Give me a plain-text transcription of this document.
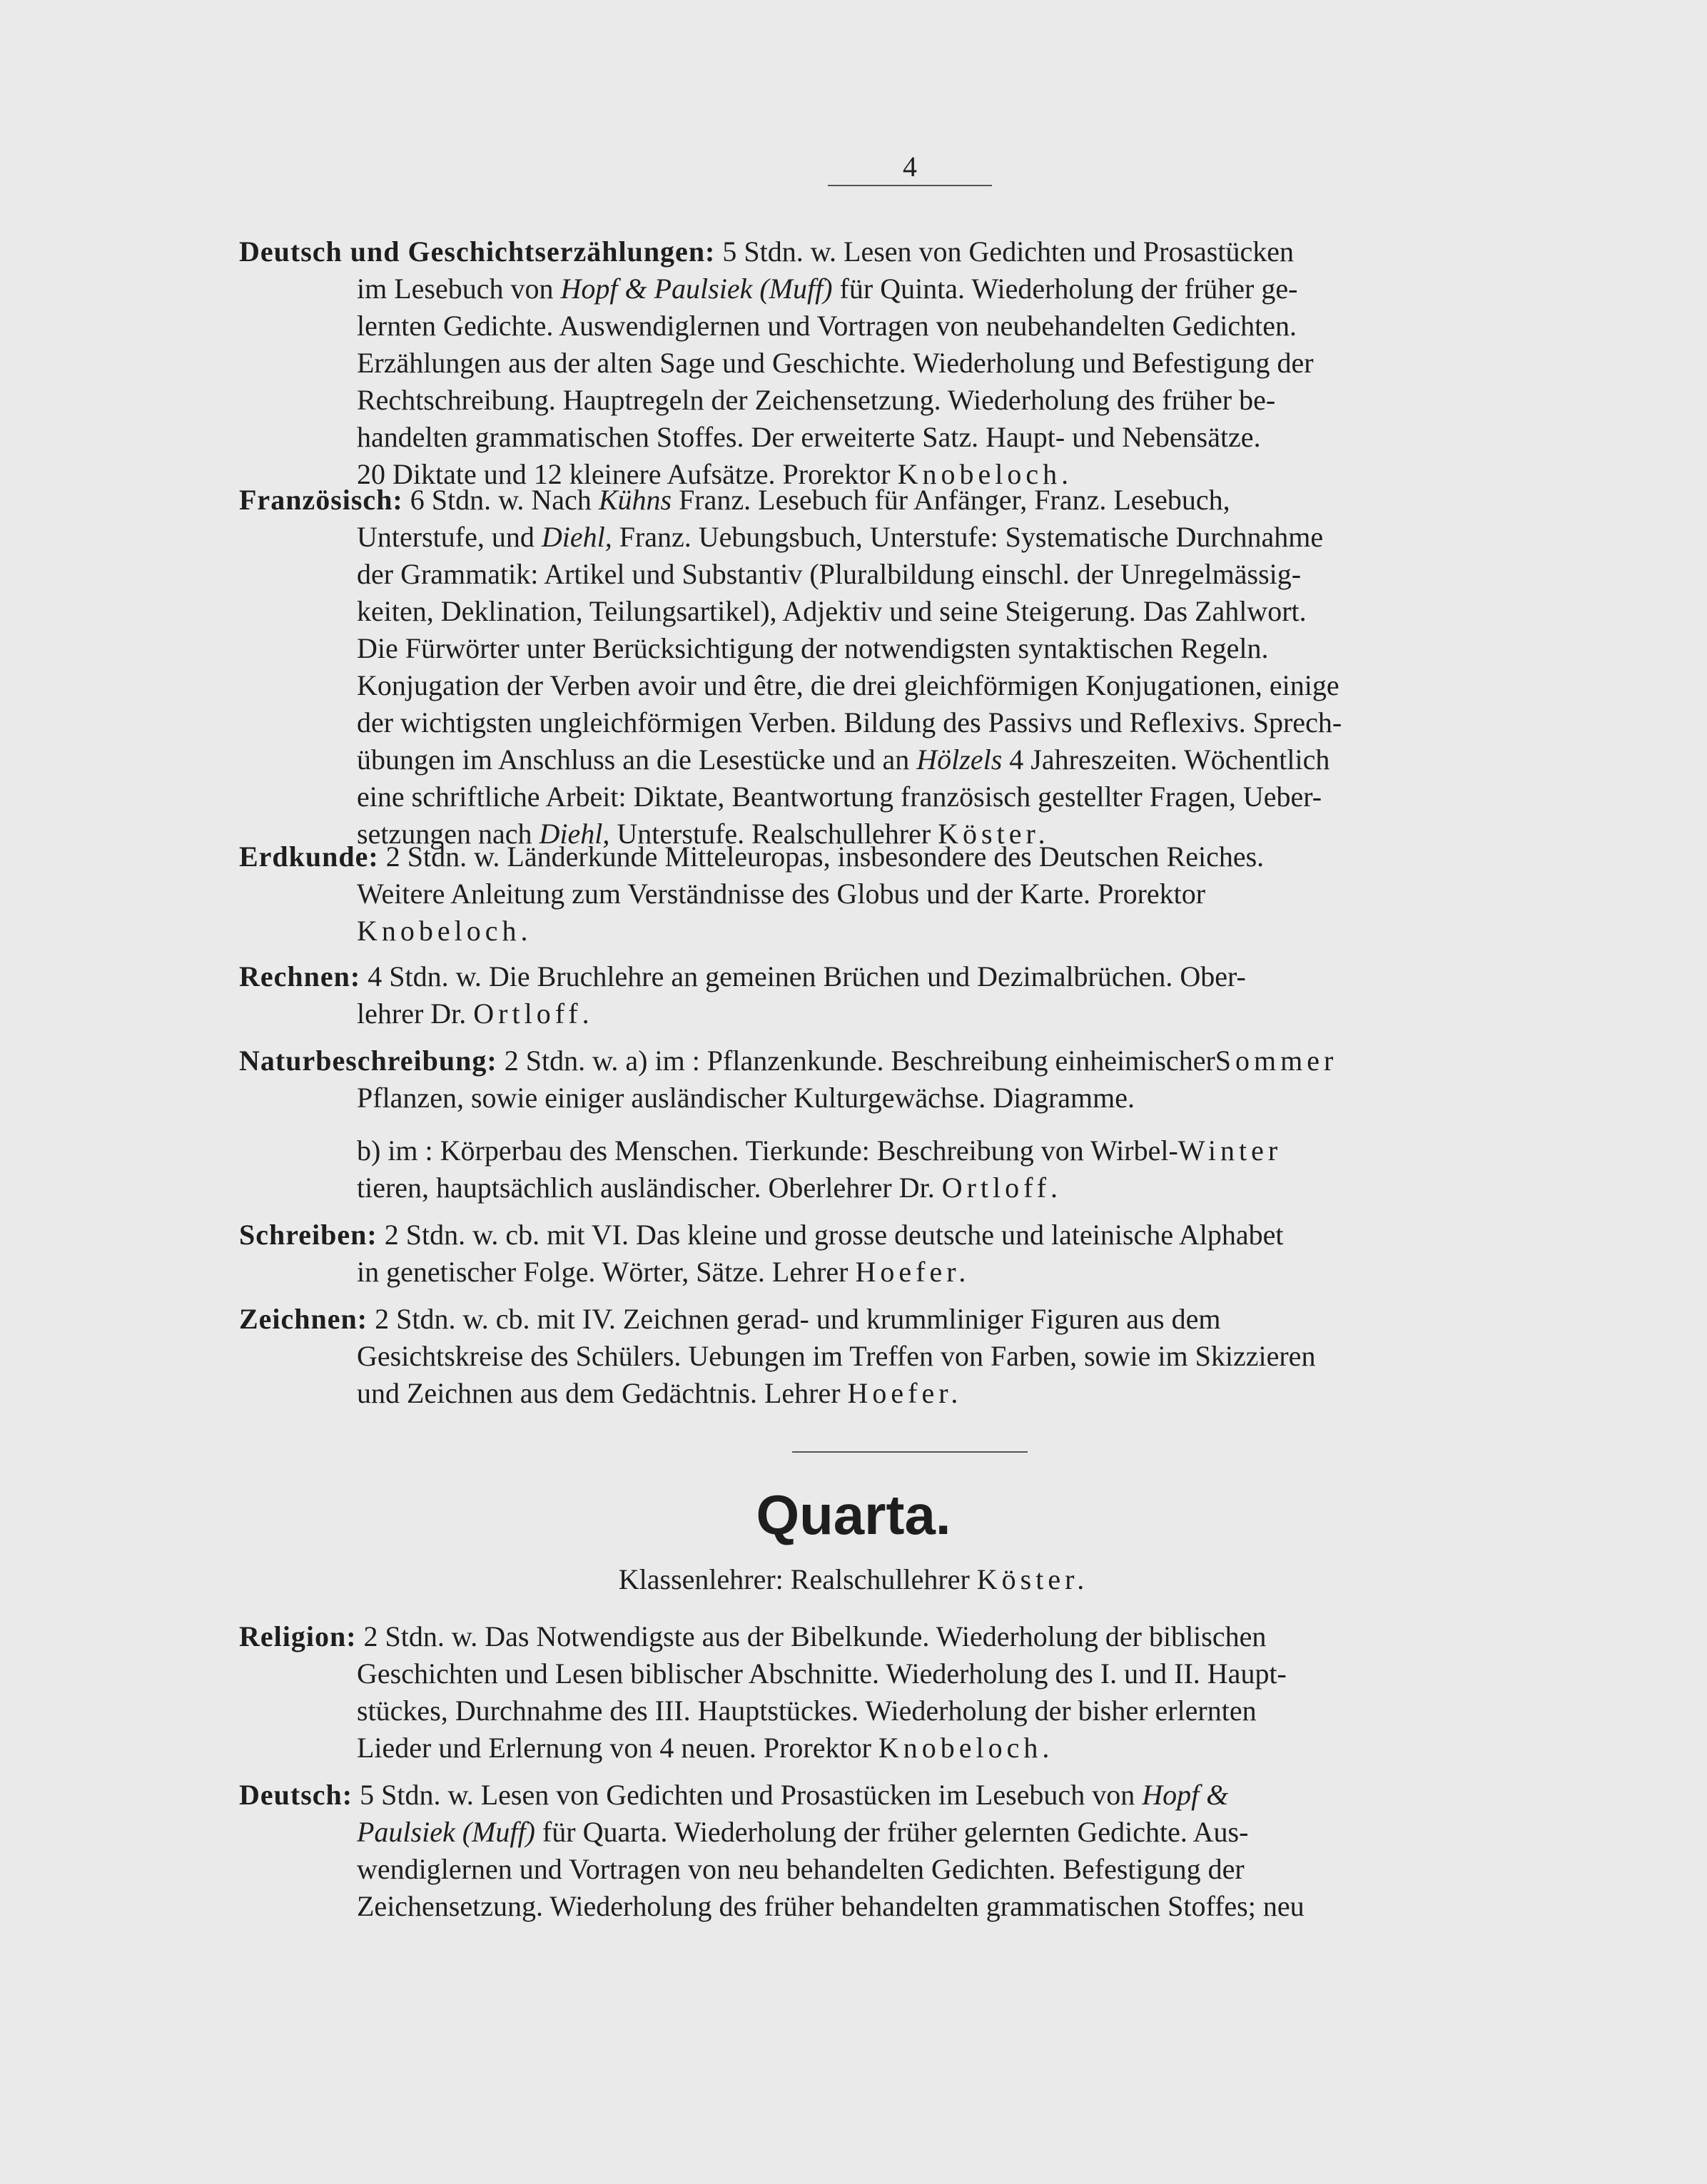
4
Deutsch und Geschichtserzählungen: 5 Stdn. w. Lesen von Gedichten und Prosastücken
im Lesebuch von Hopf & Paulsiek (Muff) für Quinta. Wiederholung der früher ge-
lernten Gedichte. Auswendiglernen und Vortragen von neubehandelten Gedichten.
Erzählungen aus der alten Sage und Geschichte. Wiederholung und Befestigung der
Rechtschreibung. Hauptregeln der Zeichensetzung. Wiederholung des früher be-
handelten grammatischen Stoffes. Der erweiterte Satz. Haupt- und Nebensätze.
20 Diktate und 12 kleinere Aufsätze. Prorektor Knobeloch.
Französisch: 6 Stdn. w. Nach Kühns Franz. Lesebuch für Anfänger, Franz. Lesebuch,
Unterstufe, und Diehl, Franz. Uebungsbuch, Unterstufe: Systematische Durchnahme
der Grammatik: Artikel und Substantiv (Pluralbildung einschl. der Unregelmässig-
keiten, Deklination, Teilungsartikel), Adjektiv und seine Steigerung. Das Zahlwort.
Die Fürwörter unter Berücksichtigung der notwendigsten syntaktischen Regeln.
Konjugation der Verben avoir und être, die drei gleichförmigen Konjugationen, einige
der wichtigsten ungleichförmigen Verben. Bildung des Passivs und Reflexivs. Sprech-
übungen im Anschluss an die Lesestücke und an Hölzels 4 Jahreszeiten. Wöchentlich
eine schriftliche Arbeit: Diktate, Beantwortung französisch gestellter Fragen, Ueber-
setzungen nach Diehl, Unterstufe. Realschullehrer Köster.
Erdkunde: 2 Stdn. w. Länderkunde Mitteleuropas, insbesondere des Deutschen Reiches.
Weitere Anleitung zum Verständnisse des Globus und der Karte. Prorektor
Knobeloch.
Rechnen: 4 Stdn. w. Die Bruchlehre an gemeinen Brüchen und Dezimalbrüchen. Ober-
lehrer Dr. Ortloff.
Naturbeschreibung: 2 Stdn. w. a) im : Pflanzenkunde. Beschreibung einheimischerSommer
Pflanzen, sowie einiger ausländischer Kulturgewächse. Diagramme.
b) im : Körperbau des Menschen. Tierkunde: Beschreibung von Wirbel-Winter
tieren, hauptsächlich ausländischer. Oberlehrer Dr. Ortloff.
Schreiben: 2 Stdn. w. cb. mit VI. Das kleine und grosse deutsche und lateinische Alphabet
in genetischer Folge. Wörter, Sätze. Lehrer Hoefer.
Zeichnen: 2 Stdn. w. cb. mit IV. Zeichnen gerad- und krummliniger Figuren aus dem
Gesichtskreise des Schülers. Uebungen im Treffen von Farben, sowie im Skizzieren
und Zeichnen aus dem Gedächtnis. Lehrer Hoefer.
Quarta.
Klassenlehrer: Realschullehrer Köster.
Religion: 2 Stdn. w. Das Notwendigste aus der Bibelkunde. Wiederholung der biblischen
Geschichten und Lesen biblischer Abschnitte. Wiederholung des I. und II. Haupt-
stückes, Durchnahme des III. Hauptstückes. Wiederholung der bisher erlernten
Lieder und Erlernung von 4 neuen. Prorektor Knobeloch.
Deutsch: 5 Stdn. w. Lesen von Gedichten und Prosastücken im Lesebuch von Hopf &
Paulsiek (Muff) für Quarta. Wiederholung der früher gelernten Gedichte. Aus-
wendiglernen und Vortragen von neu behandelten Gedichten. Befestigung der
Zeichensetzung. Wiederholung des früher behandelten grammatischen Stoffes; neu
